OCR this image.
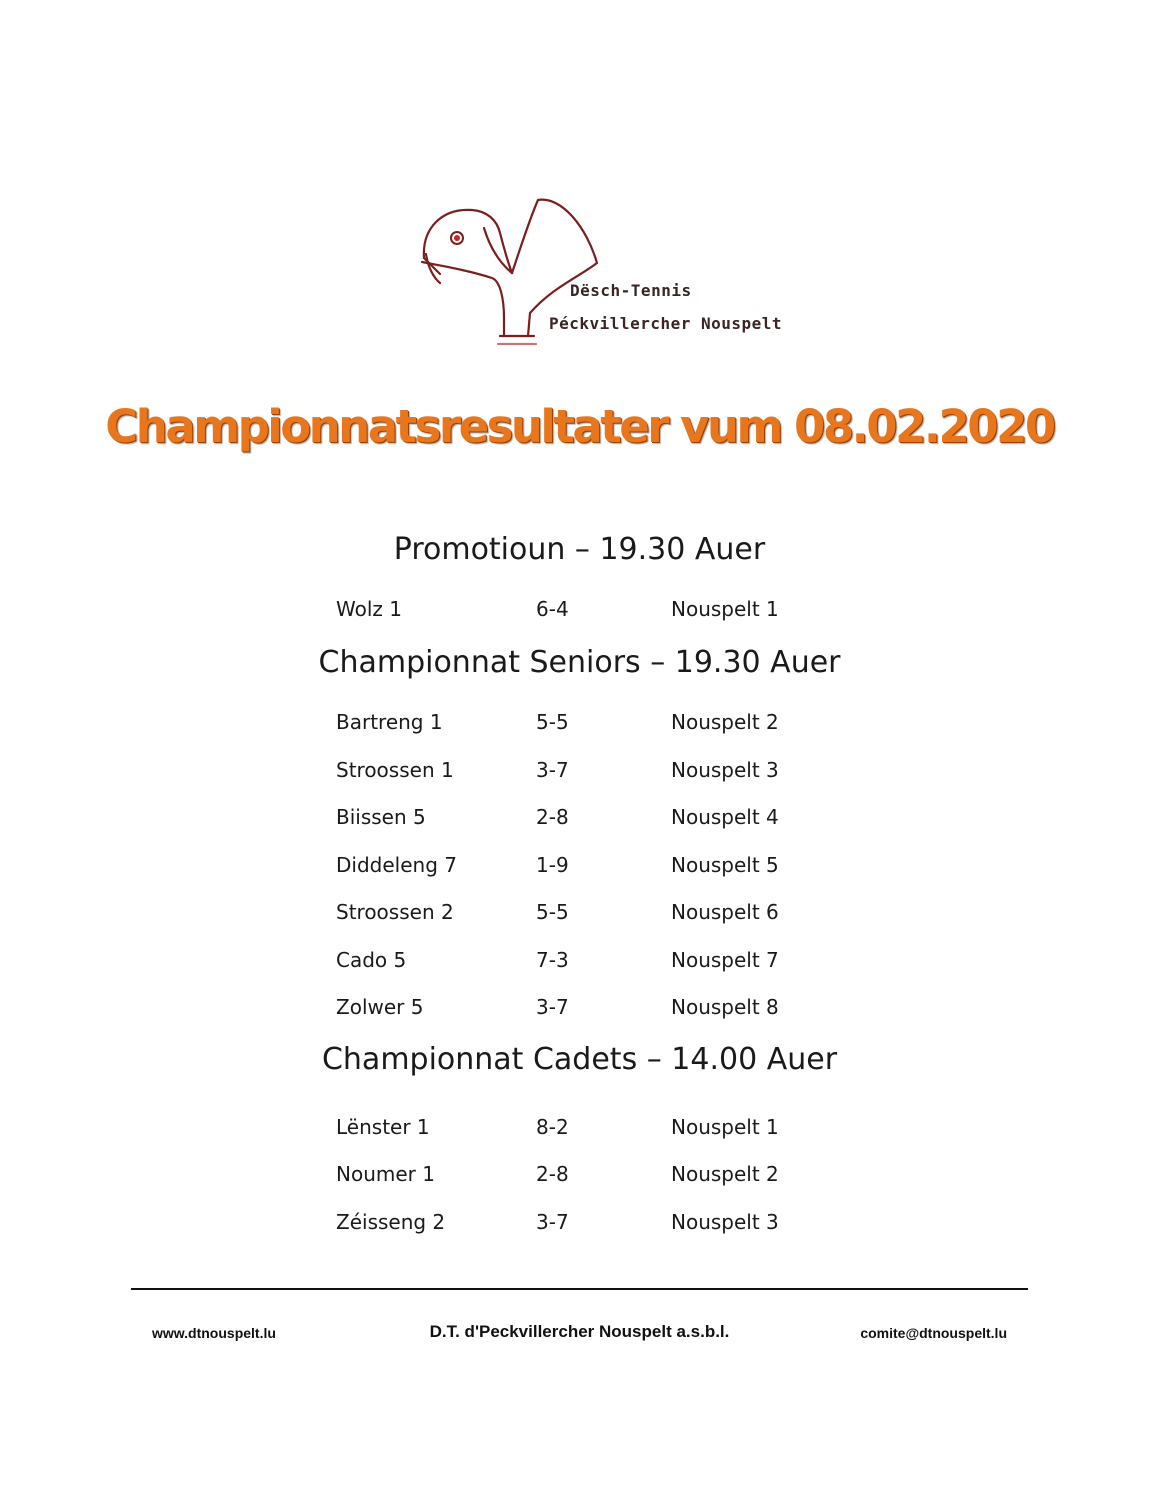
Dësch-Tennis
Péckvillercher Nouspelt
Championnatsresultater vum 08.02.2020
Promotioun – 19.30 Auer
Wolz 1	6-4	Nouspelt 1
Championnat Seniors – 19.30 Auer
Bartreng 1	5-5	Nouspelt 2
Stroossen 1	3-7	Nouspelt 3
Biissen 5	2-8	Nouspelt 4
Diddeleng 7	1-9	Nouspelt 5
Stroossen 2	5-5	Nouspelt 6
Cado 5	7-3	Nouspelt 7
Zolwer 5	3-7	Nouspelt 8
Championnat Cadets – 14.00 Auer
Lënster 1	8-2	Nouspelt 1
Noumer 1	2-8	Nouspelt 2
Zéisseng 2	3-7	Nouspelt 3
www.dtnouspelt.lu	D.T. d'Peckvillercher Nouspelt a.s.b.l.	comite@dtnouspelt.lu
